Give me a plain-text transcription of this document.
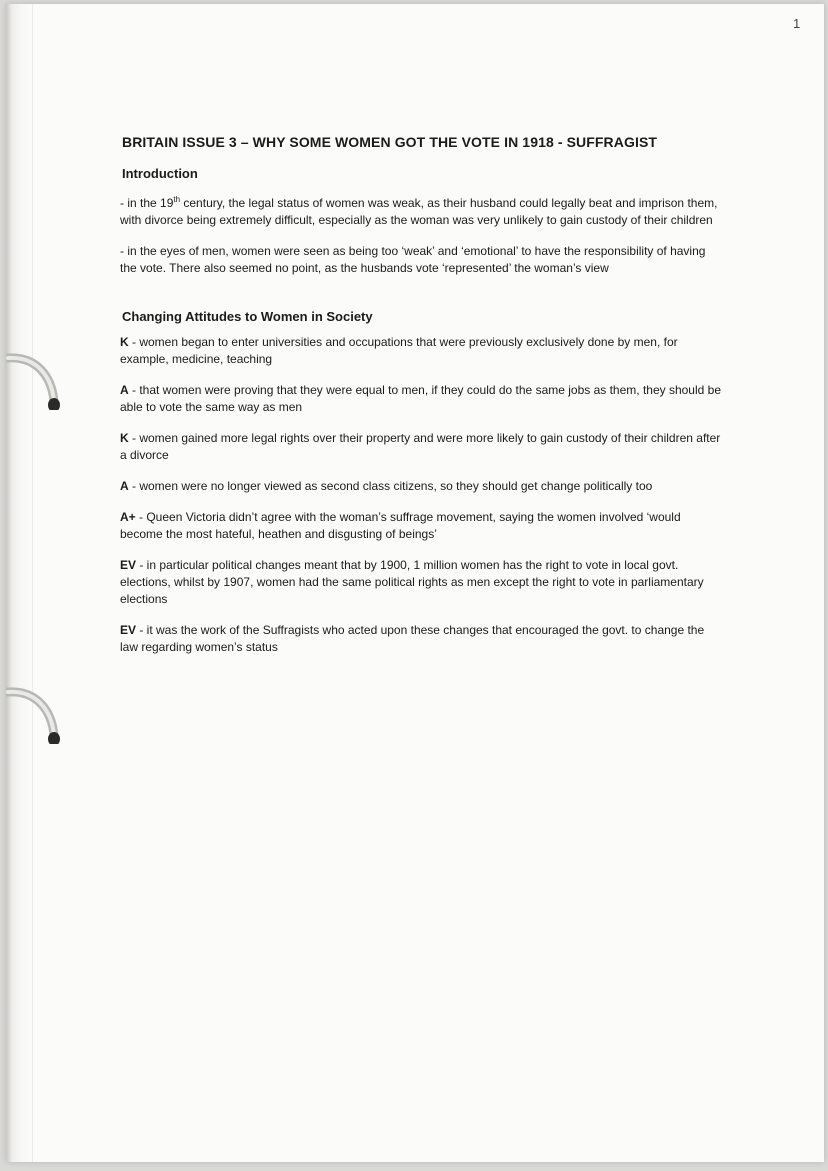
1
BRITAIN ISSUE 3 – WHY SOME WOMEN GOT THE VOTE IN 1918 - SUFFRAGIST
Introduction

- in the 19th century, the legal status of women was weak, as their husband could legally beat and imprison them, with divorce being extremely difficult, especially as the woman was very unlikely to gain custody of their children

- in the eyes of men, women were seen as being too ‘weak’ and ‘emotional’ to have the responsibility of having the vote. There also seemed no point, as the husbands vote ‘represented’ the woman’s view

Changing Attitudes to Women in Society

K - women began to enter universities and occupations that were previously exclusively done by men, for example, medicine, teaching

A - that women were proving that they were equal to men, if they could do the same jobs as them, they should be able to vote the same way as men

K - women gained more legal rights over their property and were more likely to gain custody of their children after a divorce

A - women were no longer viewed as second class citizens, so they should get change politically too

A+ - Queen Victoria didn’t agree with the woman’s suffrage movement, saying the women involved ‘would become the most hateful, heathen and disgusting of beings’

EV - in particular political changes meant that by 1900, 1 million women has the right to vote in local govt. elections, whilst by 1907, women had the same political rights as men except the right to vote in parliamentary elections

EV - it was the work of the Suffragists who acted upon these changes that encouraged the govt. to change the law regarding women’s status
